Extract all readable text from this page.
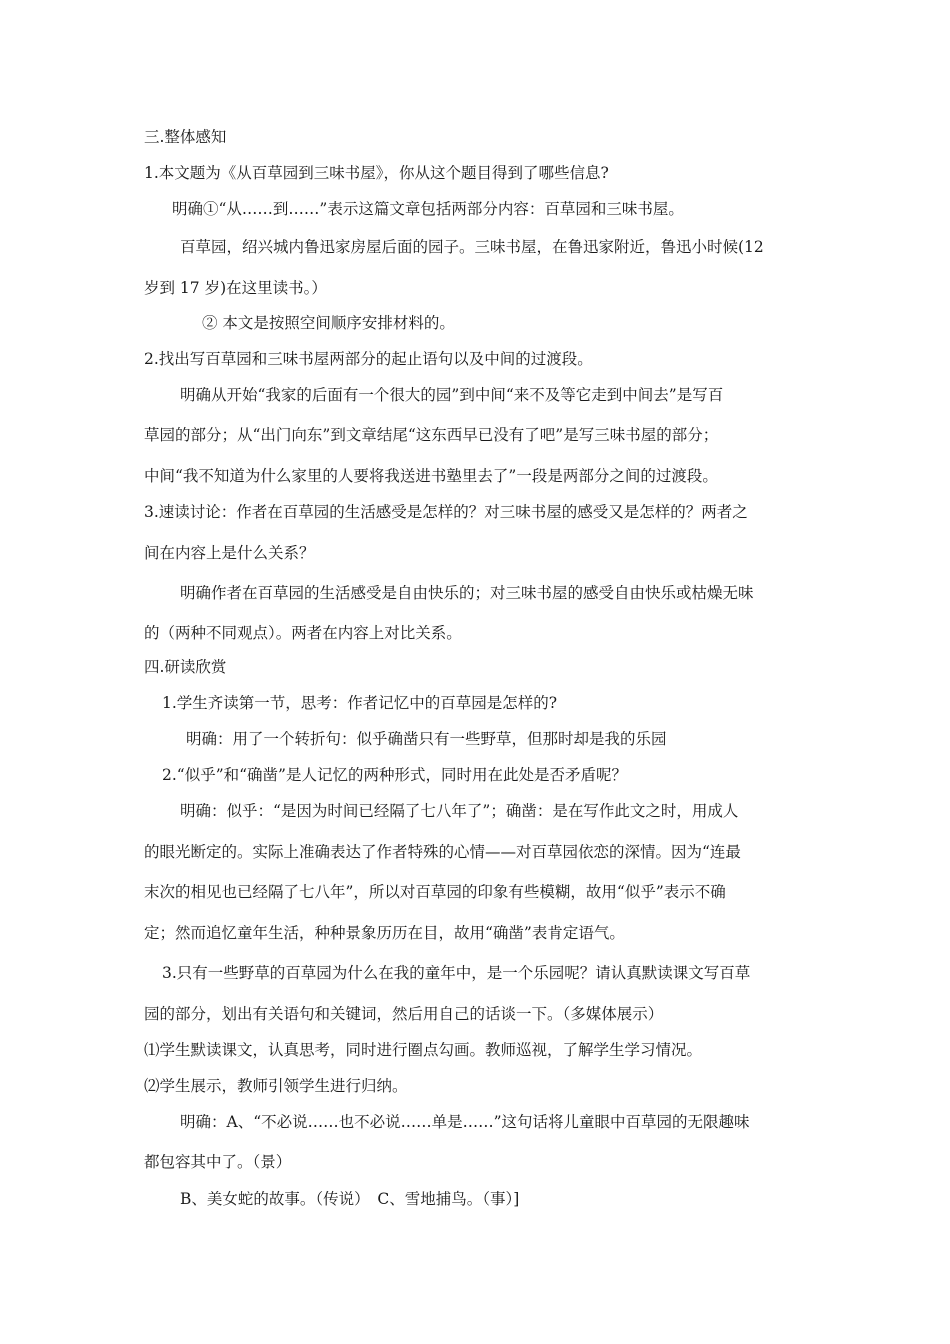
三.整体感知
1.本文题为《从百草园到三味书屋》，你从这个题目得到了哪些信息?
明确①“从……到……”表示这篇文章包括两部分内容：百草园和三味书屋。
百草园，绍兴城内鲁迅家房屋后面的园子。三味书屋，在鲁迅家附近，鲁迅小时候(12
岁到 17 岁)在这里读书。）
② 本文是按照空间顺序安排材料的。
2.找出写百草园和三味书屋两部分的起止语句以及中间的过渡段。
明确从开始“我家的后面有一个很大的园”到中间“来不及等它走到中间去”是写百
草园的部分；从“出门向东”到文章结尾“这东西早已没有了吧”是写三味书屋的部分；
中间“我不知道为什么家里的人要将我送进书塾里去了”一段是两部分之间的过渡段。
3.速读讨论：作者在百草园的生活感受是怎样的？对三味书屋的感受又是怎样的？两者之
间在内容上是什么关系？
明确作者在百草园的生活感受是自由快乐的；对三味书屋的感受自由快乐或枯燥无味
的（两种不同观点）。两者在内容上对比关系。
四.研读欣赏
1.学生齐读第一节，思考：作者记忆中的百草园是怎样的?
明确：用了一个转折句：似乎确凿只有一些野草，但那时却是我的乐园
2.“似乎”和“确凿”是人记忆的两种形式，同时用在此处是否矛盾呢？
明确：似乎：“是因为时间已经隔了七八年了”；确凿：是在写作此文之时，用成人
的眼光断定的。实际上准确表达了作者特殊的心情——对百草园依恋的深情。因为“连最
末次的相见也已经隔了七八年”，所以对百草园的印象有些模糊，故用“似乎”表示不确
定；然而追忆童年生活，种种景象历历在目，故用“确凿”表肯定语气。
3.只有一些野草的百草园为什么在我的童年中，是一个乐园呢？请认真默读课文写百草
园的部分，划出有关语句和关键词，然后用自己的话谈一下。（多媒体展示）
⑴学生默读课文，认真思考，同时进行圈点勾画。教师巡视，了解学生学习情况。
⑵学生展示，教师引领学生进行归纳。
明确：A、“不必说……也不必说……单是……”这句话将儿童眼中百草园的无限趣味
都包容其中了。（景）
B、美女蛇的故事。（传说）　C、雪地捕鸟。（事）]
